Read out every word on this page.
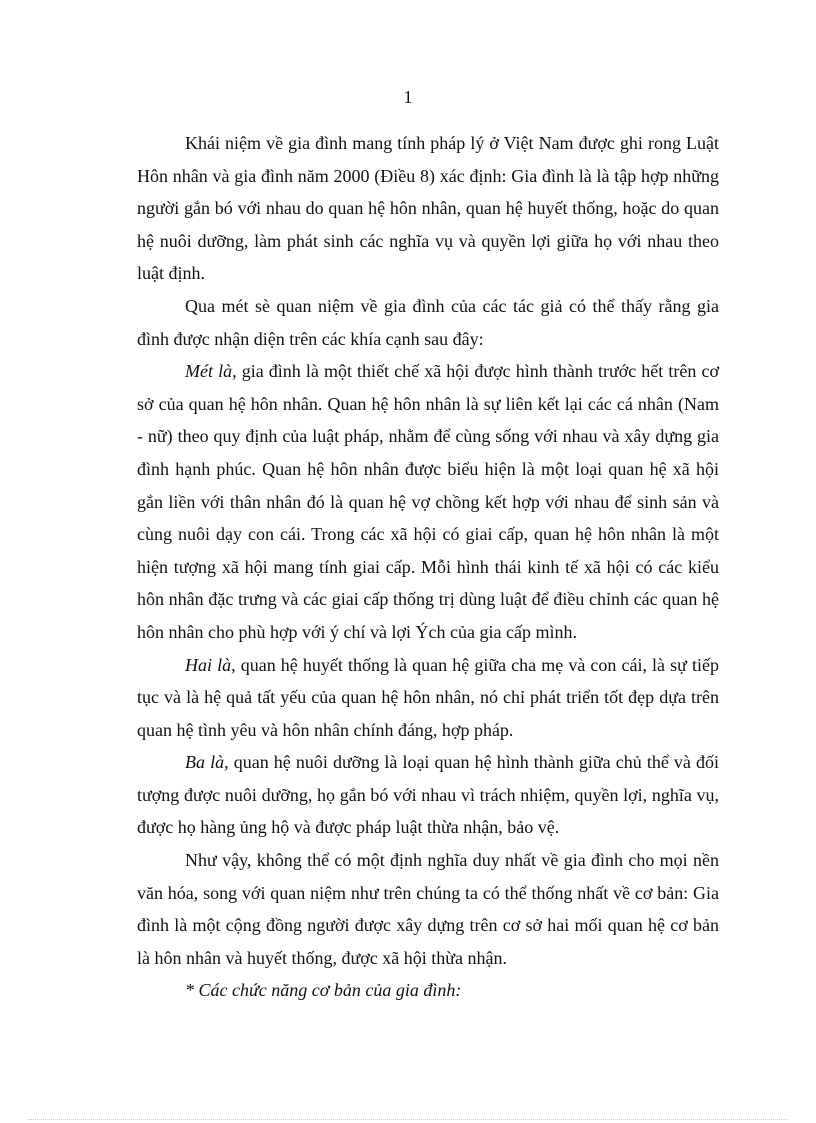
1

Khái niệm về gia đình mang tính pháp lý ở Việt Nam được ghi rong Luật Hôn nhân và gia đình năm 2000 (Điều 8) xác định: Gia đình là là tập hợp những người gắn bó với nhau do quan hệ hôn nhân, quan hệ huyết thống, hoặc do quan hệ nuôi dưỡng, làm phát sinh các nghĩa vụ và quyền lợi giữa họ với nhau theo luật định.

Qua mét sè quan niệm về gia đình của các tác giả có thể thấy rằng gia đình được nhận diện trên các khía cạnh sau đây:

Mét là, gia đình là một thiết chế xã hội được hình thành trước hết trên cơ sở của quan hệ hôn nhân. Quan hệ hôn nhân là sự liên kết lại các cá nhân (Nam - nữ) theo quy định của luật pháp, nhằm để cùng sống với nhau và xây dựng gia đình hạnh phúc. Quan hệ hôn nhân được biểu hiện là một loại quan hệ xã hội gắn liền với thân nhân đó là quan hệ vợ chồng kết hợp với nhau để sinh sản và cùng nuôi dạy con cái. Trong các xã hội có giai cấp, quan hệ hôn nhân là một hiện tượng xã hội mang tính giai cấp. Mỗi hình thái kinh tế xã hội có các kiểu hôn nhân đặc trưng và các giai cấp thống trị dùng luật để điều chỉnh các quan hệ hôn nhân cho phù hợp với ý chí và lợi Ých của gia cấp mình.

Hai là, quan hệ huyết thống là quan hệ giữa cha mẹ và con cái, là sự tiếp tục và là hệ quả tất yếu của quan hệ hôn nhân, nó chỉ phát triển tốt đẹp dựa trên quan hệ tình yêu và hôn nhân chính đáng, hợp pháp.

Ba là, quan hệ nuôi dưỡng là loại quan hệ hình thành giữa chủ thể và đối tượng được nuôi dưỡng, họ gắn bó với nhau vì trách nhiệm, quyền lợi, nghĩa vụ, được họ hàng ủng hộ và được pháp luật thừa nhận, bảo vệ.

Như vậy, không thể có một định nghĩa duy nhất về gia đình cho mọi nền văn hóa, song với quan niệm như trên chúng ta có thể thống nhất về cơ bản: Gia đình là một cộng đồng người được xây dựng trên cơ sở hai mối quan hệ cơ bản là hôn nhân và huyết thống, được xã hội thừa nhận.

* Các chức năng cơ bản của gia đình:
